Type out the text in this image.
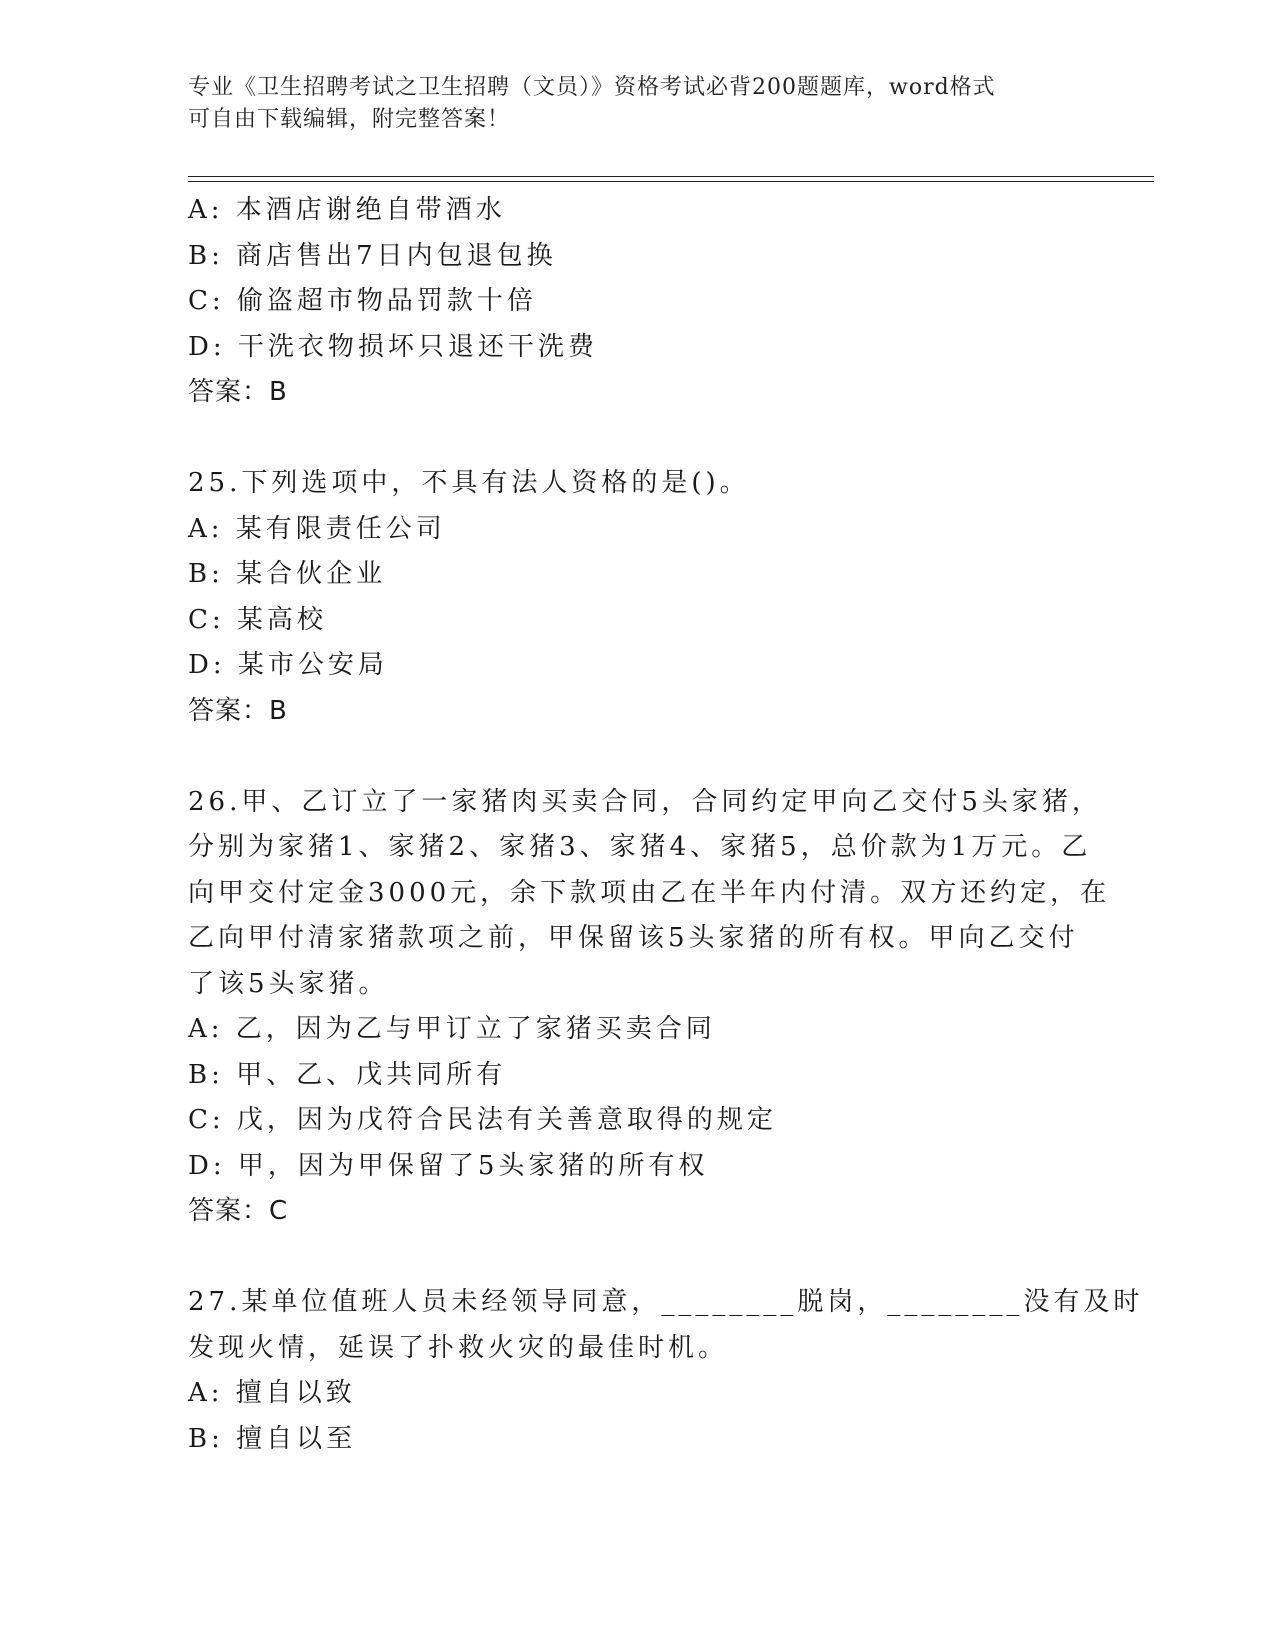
专业《卫生招聘考试之卫生招聘（文员）》资格考试必背200题题库，word格式
可自由下载编辑，附完整答案！
A: 本酒店谢绝自带酒水
B: 商店售出7日内包退包换
C: 偷盗超市物品罚款十倍
D: 干洗衣物损坏只退还干洗费
答案：B
25.下列选项中，不具有法人资格的是()。
A: 某有限责任公司
B: 某合伙企业
C: 某高校
D: 某市公安局
答案：B
26.甲、乙订立了一家猪肉买卖合同，合同约定甲向乙交付5头家猪，
分别为家猪1、家猪2、家猪3、家猪4、家猪5，总价款为1万元。乙
向甲交付定金3000元，余下款项由乙在半年内付清。双方还约定，在
乙向甲付清家猪款项之前，甲保留该5头家猪的所有权。甲向乙交付
了该5头家猪。
A: 乙，因为乙与甲订立了家猪买卖合同
B: 甲、乙、戊共同所有
C: 戊，因为戊符合民法有关善意取得的规定
D: 甲，因为甲保留了5头家猪的所有权
答案：C
27.某单位值班人员未经领导同意，________脱岗，________没有及时
发现火情，延误了扑救火灾的最佳时机。
A: 擅自以致
B: 擅自以至
